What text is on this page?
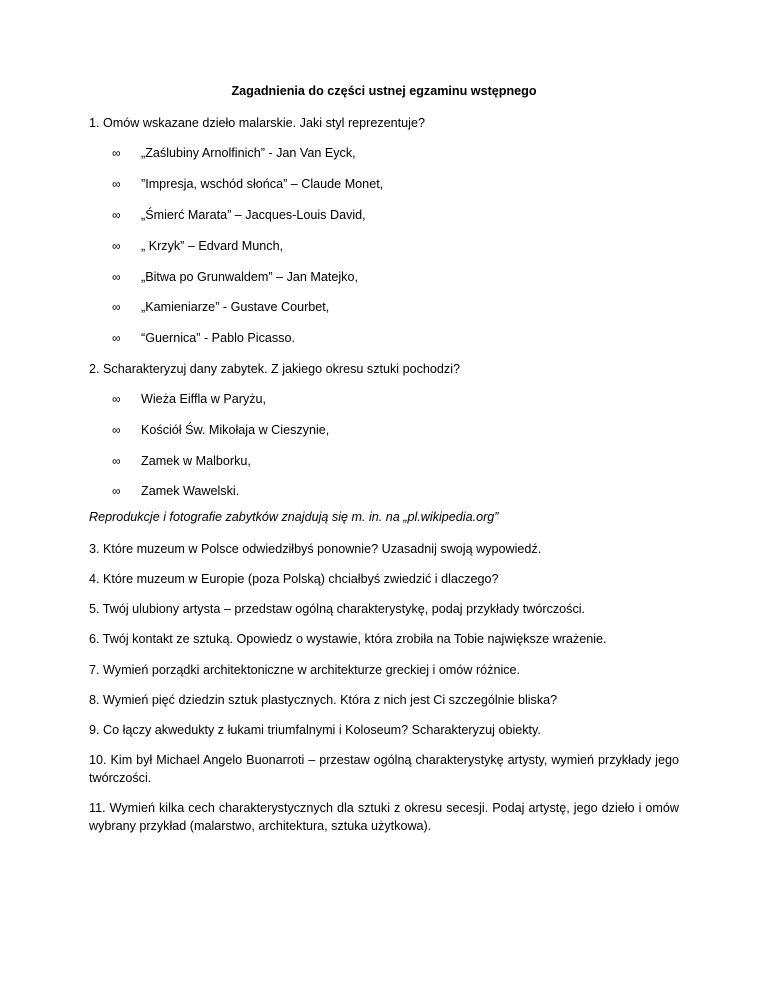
Zagadnienia do części ustnej egzaminu wstępnego
1. Omów wskazane dzieło malarskie. Jaki styl reprezentuje?
∞	„Zaślubiny Arnolfinich” - Jan Van Eyck,
∞	”Impresja, wschód słońca” – Claude Monet,
∞	„Śmierć Marata” – Jacques-Louis David,
∞	„ Krzyk” – Edvard Munch,
∞	„Bitwa po Grunwaldem” – Jan Matejko,
∞	„Kamieniarze” - Gustave Courbet,
∞	“Guernica” - Pablo Picasso.
2. Scharakteryzuj dany zabytek. Z jakiego okresu sztuki pochodzi?
∞	Wieża Eiffla w Paryżu,
∞	Kościół Św. Mikołaja w Cieszynie,
∞	Zamek w Malborku,
∞	Zamek Wawelski.
Reprodukcje i fotografie zabytków znajdują się m. in. na „pl.wikipedia.org”
3. Które muzeum w Polsce odwiedziłbyś ponownie? Uzasadnij swoją wypowiedź.
4. Które muzeum w Europie (poza Polską) chciałbyś zwiedzić i dlaczego?
5. Twój ulubiony artysta – przedstaw ogólną charakterystykę, podaj przykłady twórczości.
6. Twój kontakt ze sztuką. Opowiedz o wystawie, która zrobiła na Tobie największe wrażenie.
7. Wymień porządki architektoniczne w architekturze greckiej i omów różnice.
8. Wymień pięć dziedzin sztuk plastycznych. Która z nich jest Ci szczególnie bliska?
9. Co łączy akwedukty z łukami triumfalnymi i Koloseum? Scharakteryzuj obiekty.
10. Kim był Michael Angelo Buonarroti – przestaw ogólną charakterystykę artysty, wymień przykłady jego twórczości.
11. Wymień kilka cech charakterystycznych dla sztuki z okresu secesji. Podaj artystę, jego dzieło i omów wybrany przykład (malarstwo, architektura, sztuka użytkowa).
